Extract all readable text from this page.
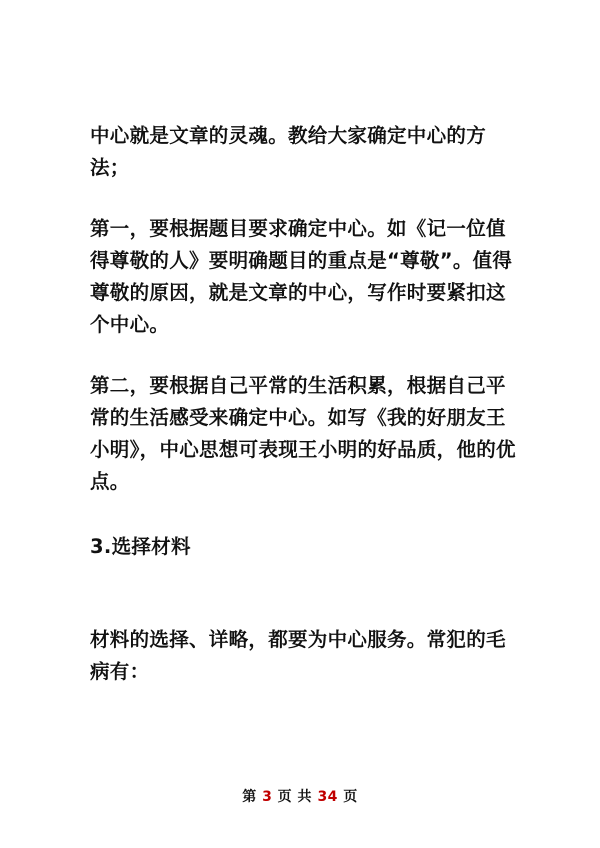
中心就是文章的灵魂。教给大家确定中心的方法；

第一，要根据题目要求确定中心。如《记一位值得尊敬的人》要明确题目的重点是“尊敬”。值得尊敬的原因，就是文章的中心，写作时要紧扣这个中心。

第二，要根据自己平常的生活积累，根据自己平常的生活感受来确定中心。如写《我的好朋友王小明》，中心思想可表现王小明的好品质，他的优点。

3.选择材料

材料的选择、详略，都要为中心服务。常犯的毛病有：

第 3 页 共 34 页
